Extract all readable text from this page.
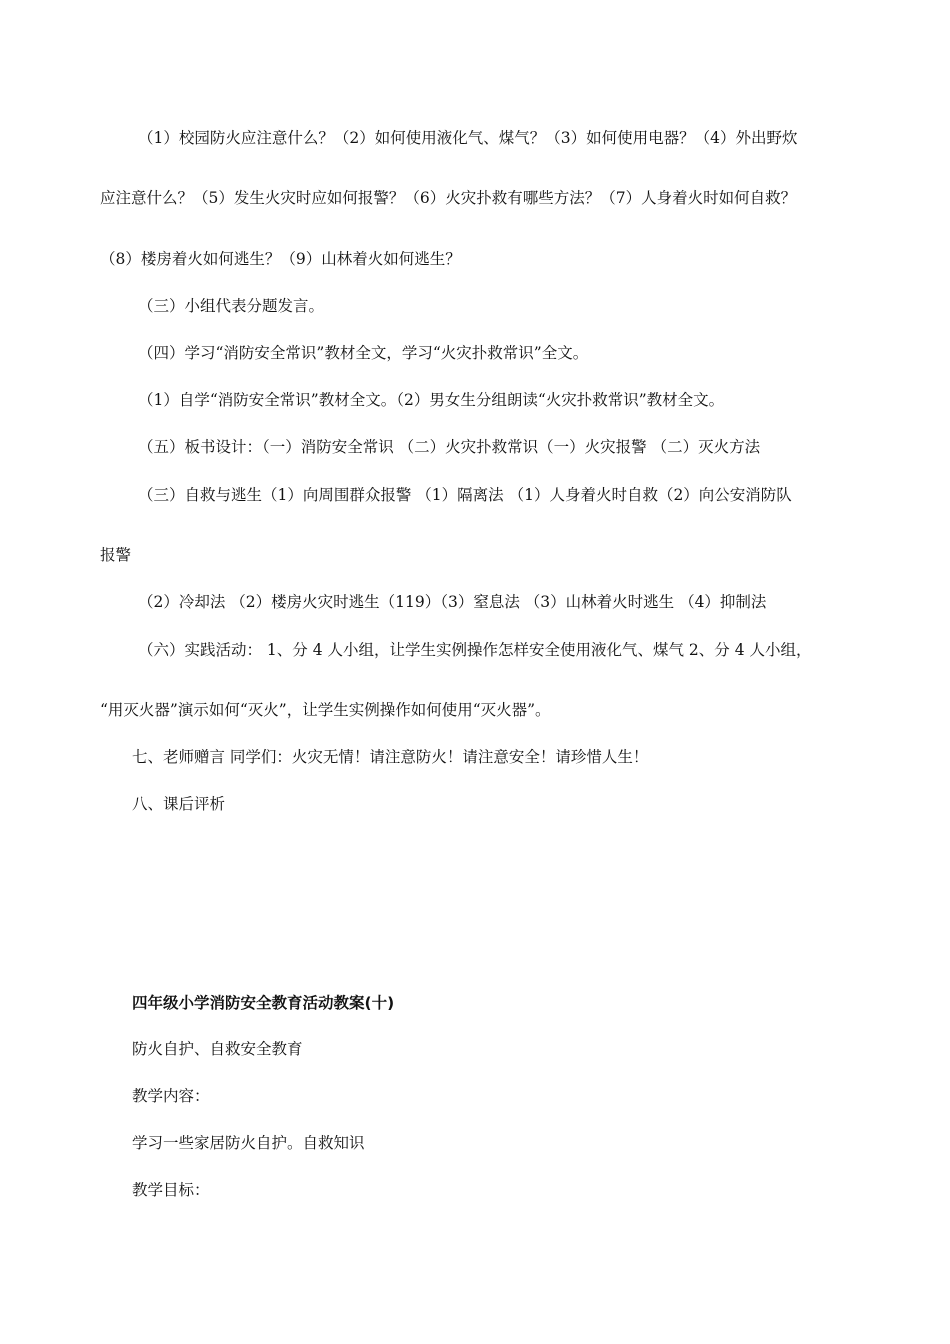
（1）校园防火应注意什么？（2）如何使用液化气、煤气？（3）如何使用电器？（4）外出野炊
应注意什么？（5）发生火灾时应如何报警？（6）火灾扑救有哪些方法？（7）人身着火时如何自救？
（8）楼房着火如何逃生？（9）山林着火如何逃生？
（三）小组代表分题发言。
（四）学习“消防安全常识”教材全文，学习“火灾扑救常识”全文。
（1）自学“消防安全常识”教材全文。（2）男女生分组朗读“火灾扑救常识”教材全文。
（五）板书设计：（一）消防安全常识 （二）火灾扑救常识（一）火灾报警 （二）灭火方法
（三）自救与逃生（1）向周围群众报警 （1）隔离法 （1）人身着火时自救（2）向公安消防队
报警
（2）冷却法 （2）楼房火灾时逃生（119）（3）窒息法 （3）山林着火时逃生 （4）抑制法
（六）实践活动： 1、分 4 人小组，让学生实例操作怎样安全使用液化气、煤气 2、分 4 人小组，
“用灭火器”演示如何“灭火”，让学生实例操作如何使用“灭火器”。
七、老师赠言 同学们：火灾无情！请注意防火！请注意安全！请珍惜人生！
八、课后评析
四年级小学消防安全教育活动教案(十)
防火自护、自救安全教育
教学内容：
学习一些家居防火自护。自救知识
教学目标：
